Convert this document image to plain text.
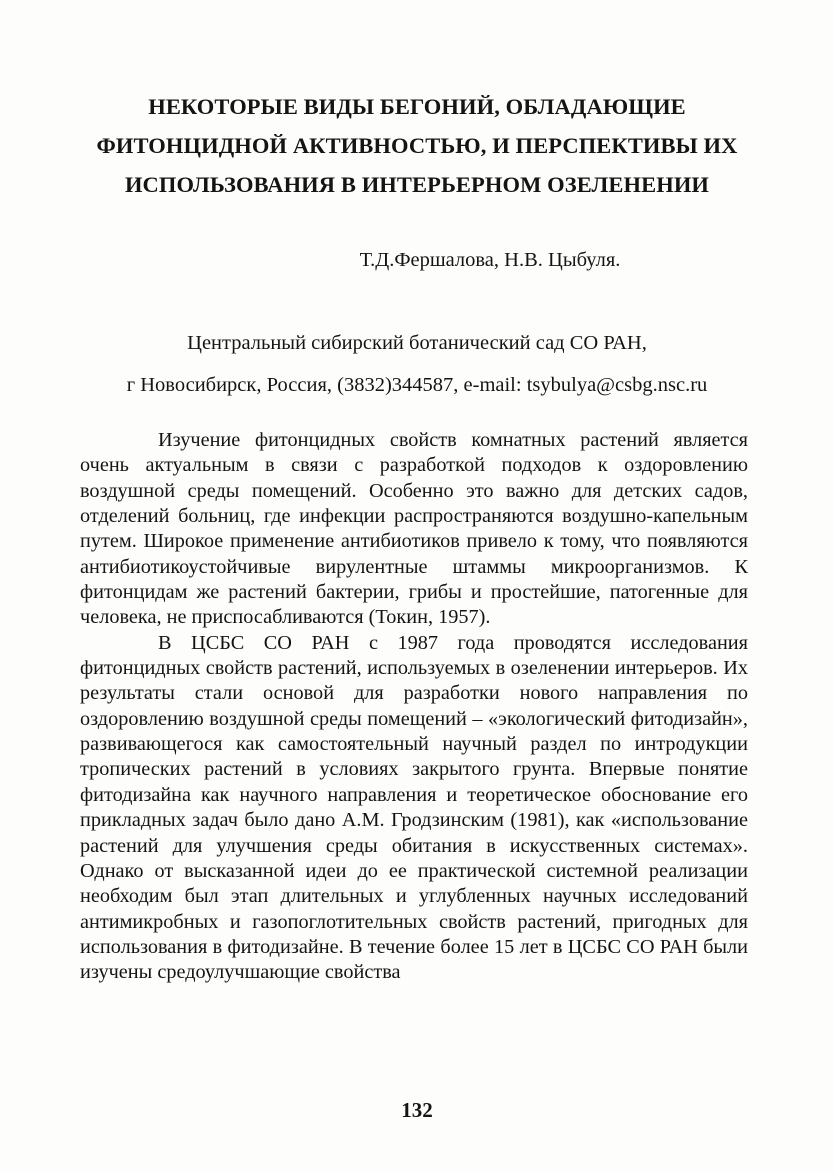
НЕКОТОРЫЕ ВИДЫ БЕГОНИЙ, ОБЛАДАЮЩИЕ
ФИТОНЦИДНОЙ АКТИВНОСТЬЮ, И ПЕРСПЕКТИВЫ ИХ
ИСПОЛЬЗОВАНИЯ В ИНТЕРЬЕРНОМ ОЗЕЛЕНЕНИИ
Т.Д.Фершалова, Н.В. Цыбуля.
Центральный сибирский ботанический сад СО РАН,
г Новосибирск, Россия, (3832)344587, e-mail: tsybulya@csbg.nsc.ru

Изучение фитонцидных свойств комнатных растений является очень актуальным в связи с разработкой подходов к оздоровлению воздушной среды помещений. Особенно это важно для детских садов, отделений больниц, где инфекции распространяются воздушно-капельным путем. Широкое применение антибиотиков привело к тому, что появляются антибиотикоустойчивые вирулентные штаммы микроорганизмов. К фитонцидам же растений бактерии, грибы и простейшие, патогенные для человека, не приспосабливаются (Токин, 1957).

В ЦСБС СО РАН с 1987 года проводятся исследования фитонцидных свойств растений, используемых в озеленении интерьеров. Их результаты стали основой для разработки нового направления по оздоровлению воздушной среды помещений – «экологический фитодизайн», развивающегося как самостоятельный научный раздел по интродукции тропических растений в условиях закрытого грунта. Впервые понятие фитодизайна как научного направления и теоретическое обоснование его прикладных задач было дано А.М. Гродзинским (1981), как «использование растений для улучшения среды обитания в искусственных системах». Однако от высказанной идеи до ее практической системной реализации необходим был этап длительных и углубленных научных исследований антимикробных и газопоглотительных свойств растений, пригодных для использования в фитодизайне. В течение более 15 лет в ЦСБС СО РАН были изучены средоулучшающие свойства

132
